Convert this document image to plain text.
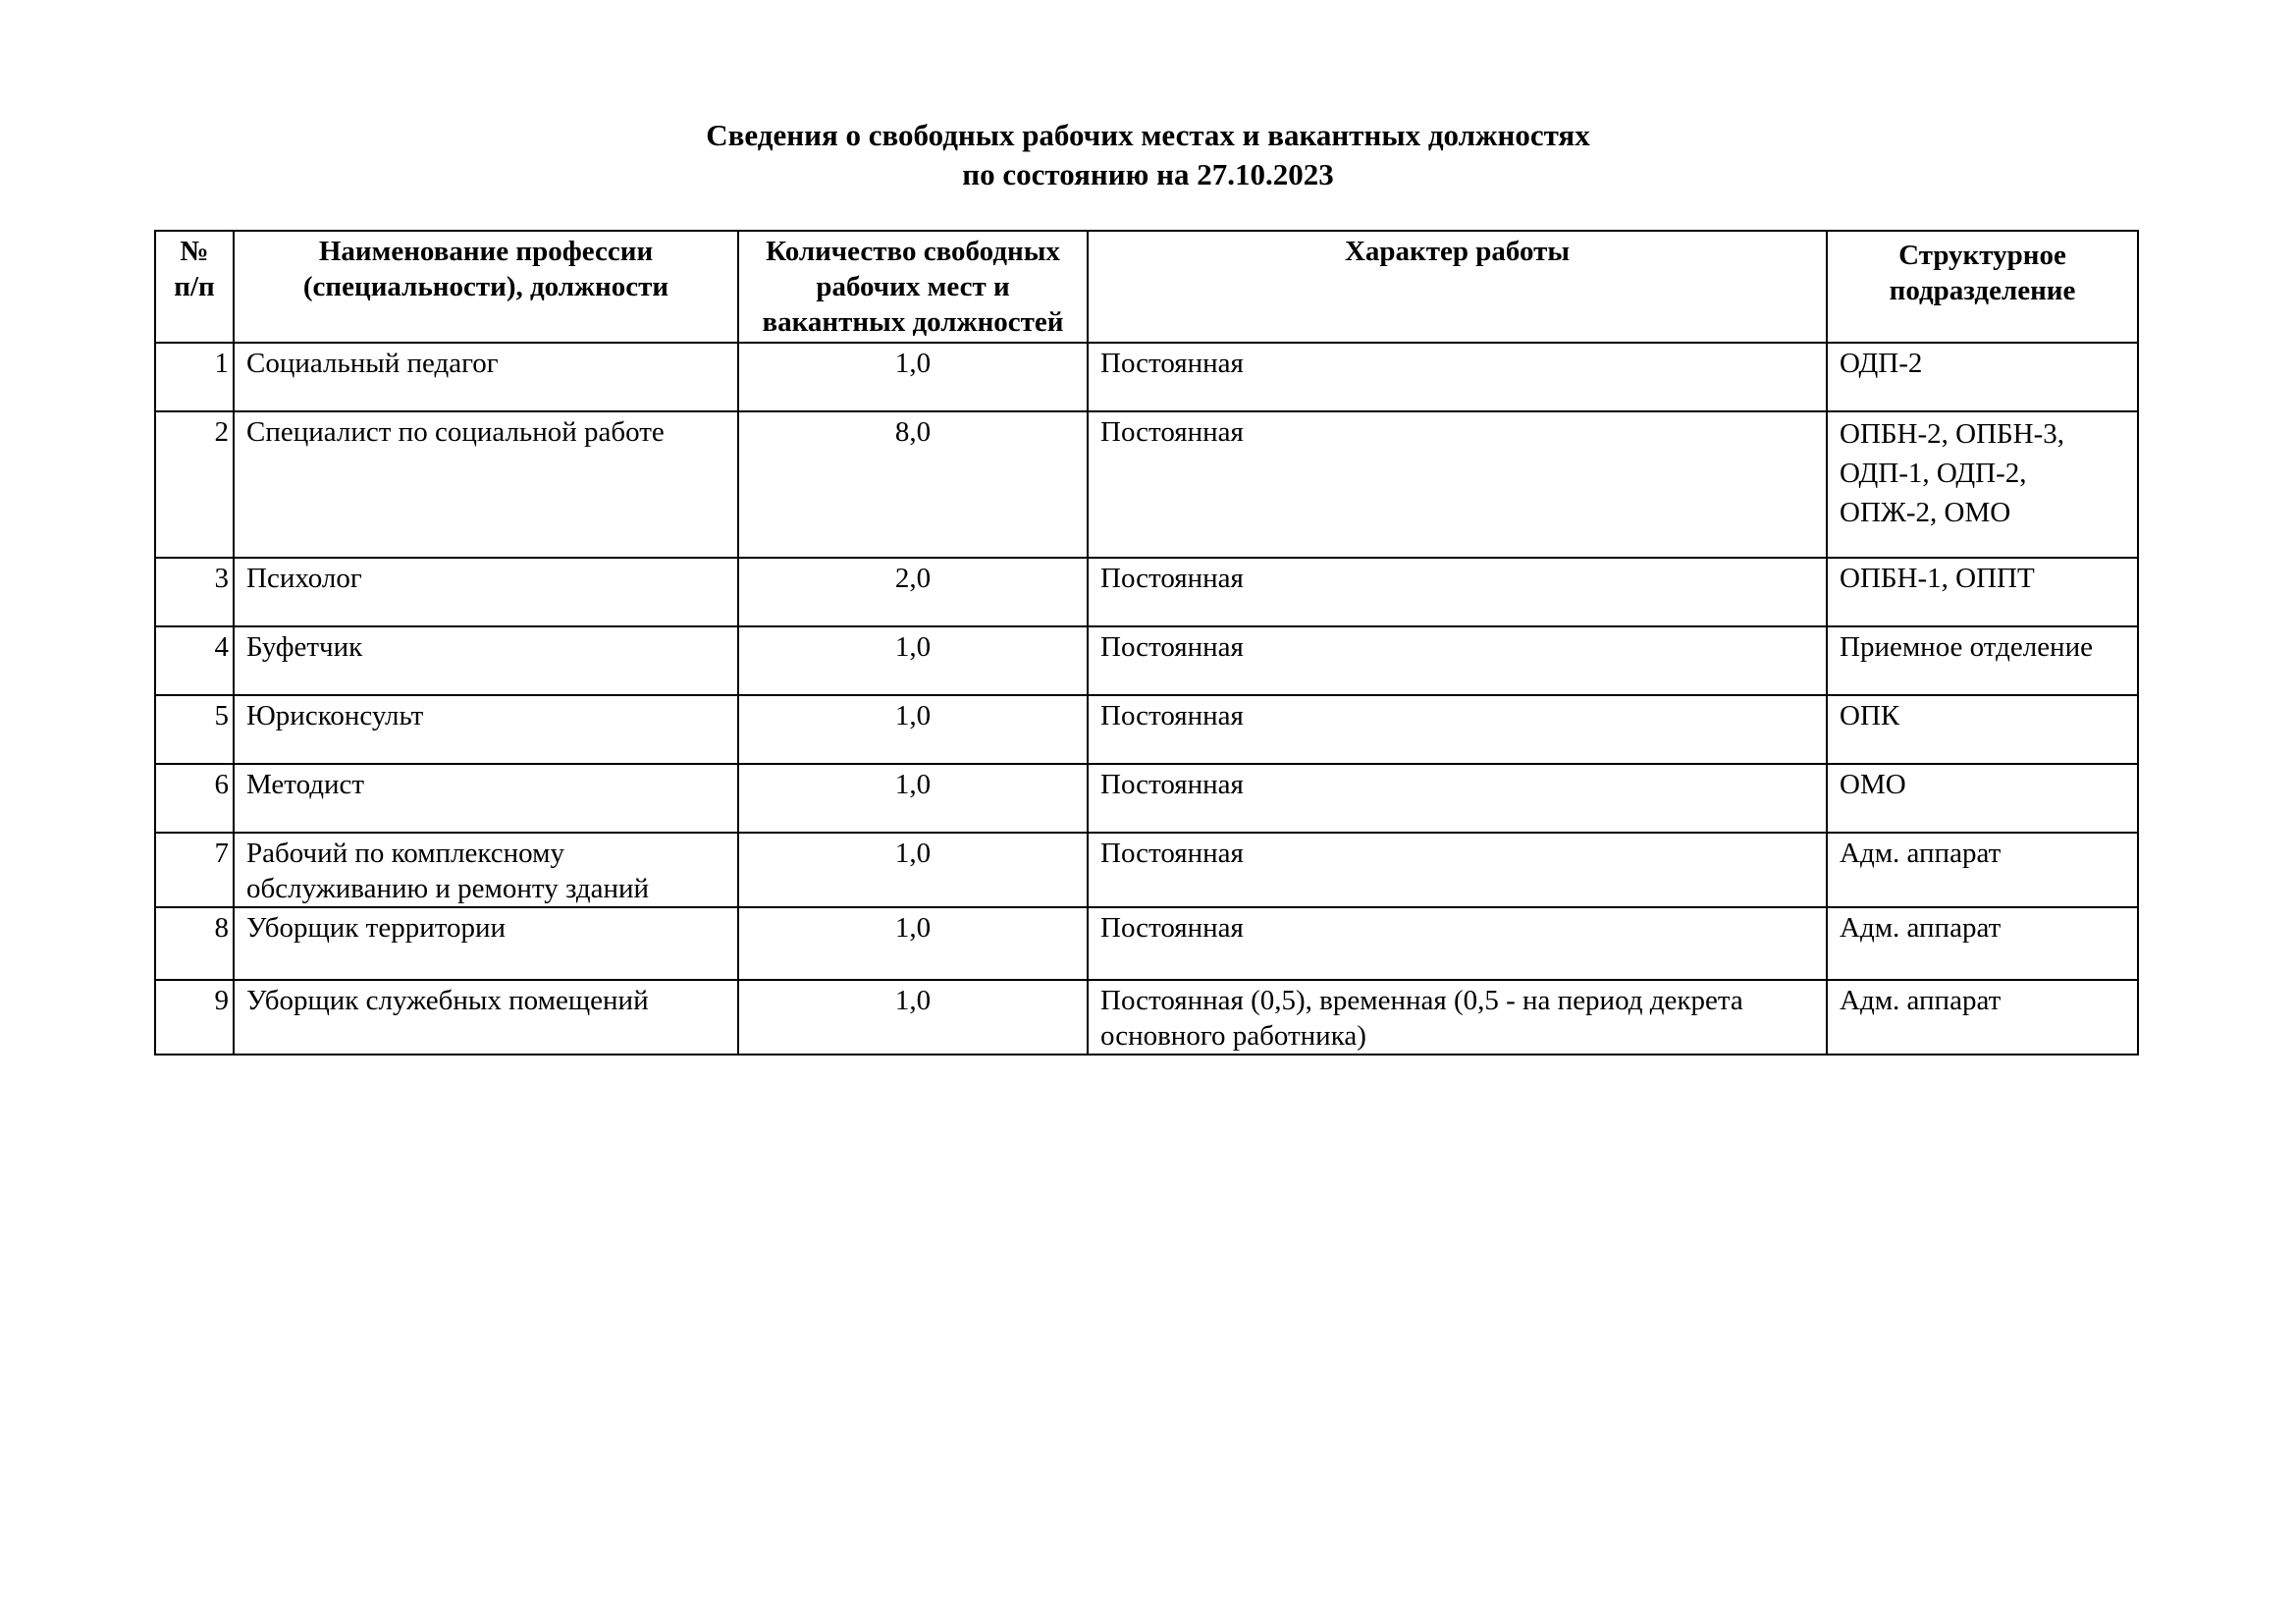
Сведения о свободных рабочих местах и вакантных должностях
по состоянию на 27.10.2023
№ п/п	Наименование профессии (специальности), должности	Количество свободных рабочих мест и вакантных должностей	Характер работы	Структурное подразделение
1	Социальный педагог	1,0	Постоянная	ОДП-2
2	Специалист по социальной работе	8,0	Постоянная	ОПБН-2, ОПБН-3, ОДП-1, ОДП-2, ОПЖ-2, ОМО
3	Психолог	2,0	Постоянная	ОПБН-1, ОППТ
4	Буфетчик	1,0	Постоянная	Приемное отделение
5	Юрисконсульт	1,0	Постоянная	ОПК
6	Методист	1,0	Постоянная	ОМО
7	Рабочий по комплексному обслуживанию и ремонту зданий	1,0	Постоянная	Адм. аппарат
8	Уборщик территории	1,0	Постоянная	Адм. аппарат
9	Уборщик служебных помещений	1,0	Постоянная (0,5), временная (0,5 - на период декрета основного работника)	Адм. аппарат
